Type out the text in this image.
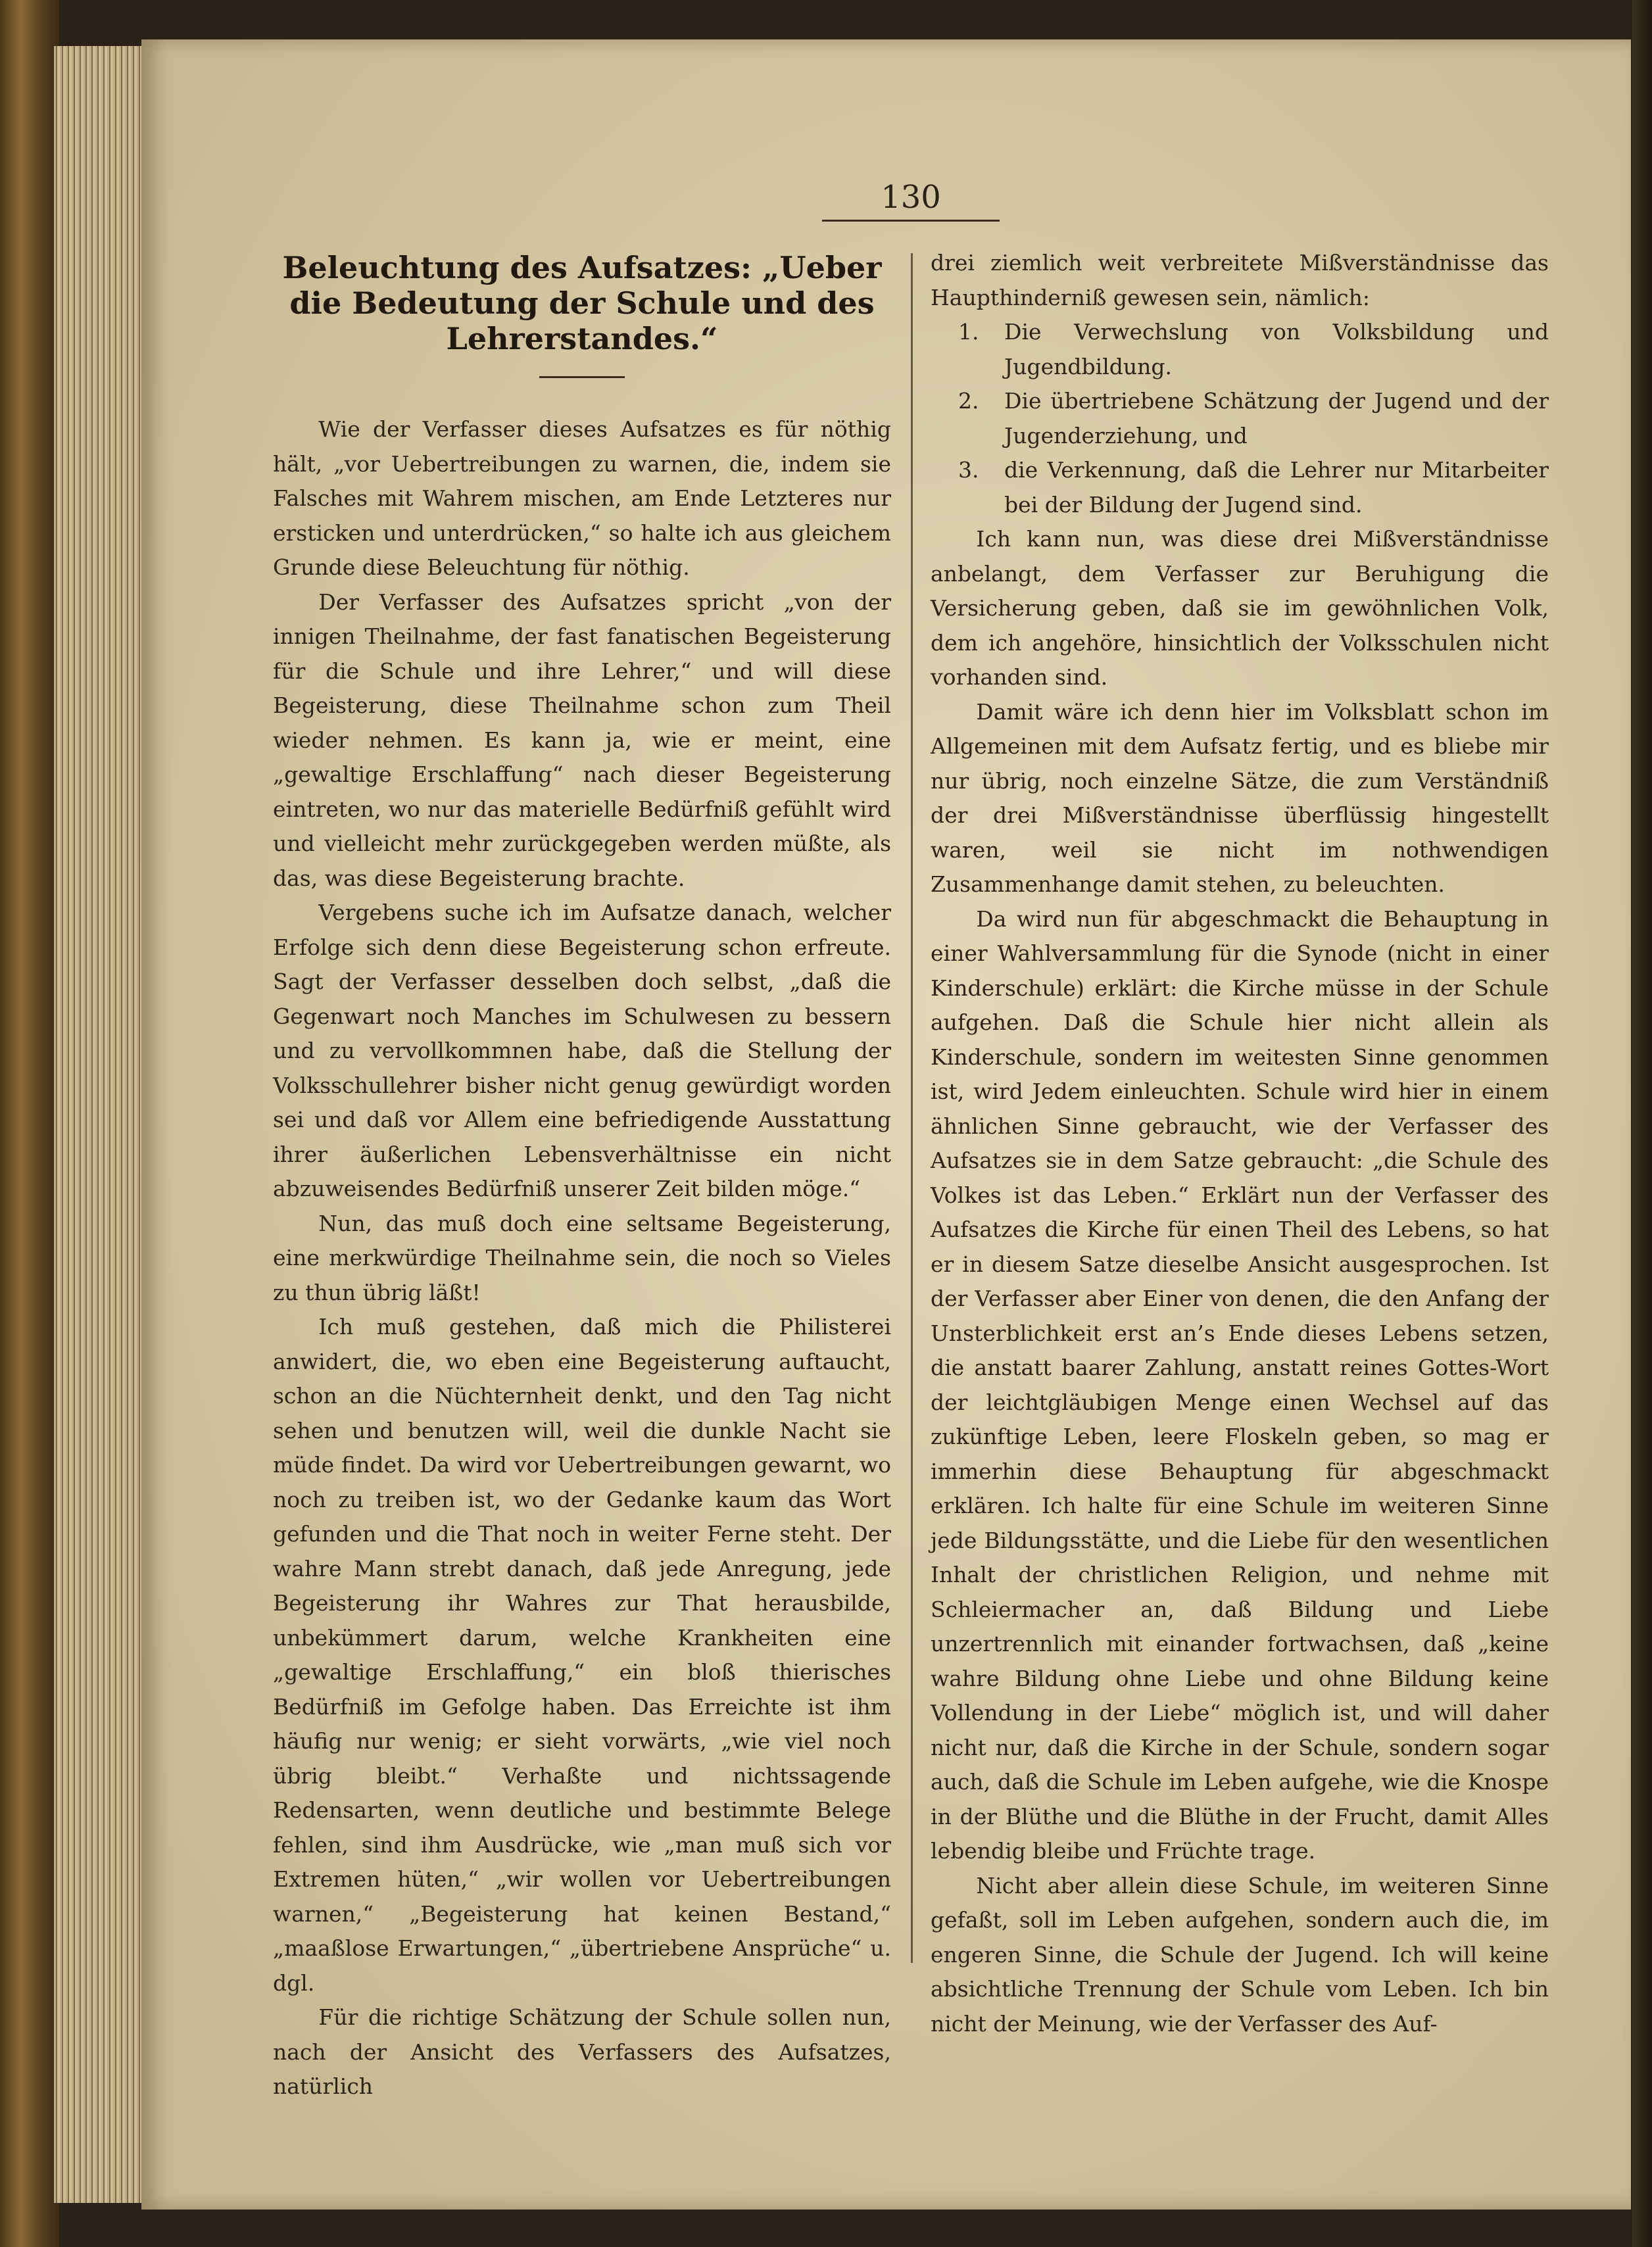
130
Beleuchtung des Aufsatzes: „Ueber die Bedeutung der Schule und des Lehrerstandes.“

Wie der Verfasser dieses Aufsatzes es für nöthig hält, „vor Uebertreibungen zu warnen, die, indem sie Falsches mit Wahrem mischen, am Ende Letzteres nur ersticken und unterdrücken,“ so halte ich aus gleichem Grunde diese Beleuchtung für nöthig.

Der Verfasser des Aufsatzes spricht „von der innigen Theilnahme, der fast fanatischen Begeisterung für die Schule und ihre Lehrer,“ und will diese Begeisterung, diese Theilnahme schon zum Theil wieder nehmen. Es kann ja, wie er meint, eine „gewaltige Erschlaffung“ nach dieser Begeisterung eintreten, wo nur das materielle Bedürfniß gefühlt wird und vielleicht mehr zurückgegeben werden müßte, als das, was diese Begeisterung brachte.

Vergebens suche ich im Aufsatze danach, welcher Erfolge sich denn diese Begeisterung schon erfreute. Sagt der Verfasser desselben doch selbst, „daß die Gegenwart noch Manches im Schulwesen zu bessern und zu vervollkommnen habe, daß die Stellung der Volksschullehrer bisher nicht genug gewürdigt worden sei und daß vor Allem eine befriedigende Ausstattung ihrer äußerlichen Lebensverhältnisse ein nicht abzuweisendes Bedürfniß unserer Zeit bilden möge.“

Nun, das muß doch eine seltsame Begeisterung, eine merkwürdige Theilnahme sein, die noch so Vieles zu thun übrig läßt!

Ich muß gestehen, daß mich die Philisterei anwidert, die, wo eben eine Begeisterung auftaucht, schon an die Nüchternheit denkt, und den Tag nicht sehen und benutzen will, weil die dunkle Nacht sie müde findet. Da wird vor Uebertreibungen gewarnt, wo noch zu treiben ist, wo der Gedanke kaum das Wort gefunden und die That noch in weiter Ferne steht. Der wahre Mann strebt danach, daß jede Anregung, jede Begeisterung ihr Wahres zur That herausbilde, unbekümmert darum, welche Krankheiten eine „gewaltige Erschlaffung,“ ein bloß thierisches Bedürfniß im Gefolge haben. Das Erreichte ist ihm häufig nur wenig; er sieht vorwärts, „wie viel noch übrig bleibt.“ Verhaßte und nichtssagende Redensarten, wenn deutliche und bestimmte Belege fehlen, sind ihm Ausdrücke, wie „man muß sich vor Extremen hüten,“ „wir wollen vor Uebertreibungen warnen,“ „Begeisterung hat keinen Bestand,“ „maaßlose Erwartungen,“ „übertriebene Ansprüche“ u. dgl.

Für die richtige Schätzung der Schule sollen nun, nach der Ansicht des Verfassers des Aufsatzes, natürlich

drei ziemlich weit verbreitete Mißverständnisse das Haupthinderniß gewesen sein, nämlich:

1.	Die Verwechslung von Volksbildung und Jugendbildung.
2.	Die übertriebene Schätzung der Jugend und der Jugenderziehung, und
3.	die Verkennung, daß die Lehrer nur Mitarbeiter bei der Bildung der Jugend sind.

Ich kann nun, was diese drei Mißverständnisse anbelangt, dem Verfasser zur Beruhigung die Versicherung geben, daß sie im gewöhnlichen Volk, dem ich angehöre, hinsichtlich der Volksschulen nicht vorhanden sind.

Damit wäre ich denn hier im Volksblatt schon im Allgemeinen mit dem Aufsatz fertig, und es bliebe mir nur übrig, noch einzelne Sätze, die zum Verständniß der drei Mißverständnisse überflüssig hingestellt waren, weil sie nicht im nothwendigen Zusammenhange damit stehen, zu beleuchten.

Da wird nun für abgeschmackt die Behauptung in einer Wahlversammlung für die Synode (nicht in einer Kinderschule) erklärt: die Kirche müsse in der Schule aufgehen. Daß die Schule hier nicht allein als Kinderschule, sondern im weitesten Sinne genommen ist, wird Jedem einleuchten. Schule wird hier in einem ähnlichen Sinne gebraucht, wie der Verfasser des Aufsatzes sie in dem Satze gebraucht: „die Schule des Volkes ist das Leben.“ Erklärt nun der Verfasser des Aufsatzes die Kirche für einen Theil des Lebens, so hat er in diesem Satze dieselbe Ansicht ausgesprochen. Ist der Verfasser aber Einer von denen, die den Anfang der Unsterblichkeit erst an’s Ende dieses Lebens setzen, die anstatt baarer Zahlung, anstatt reines Gottes-Wort der leichtgläubigen Menge einen Wechsel auf das zukünftige Leben, leere Floskeln geben, so mag er immerhin diese Behauptung für abgeschmackt erklären. Ich halte für eine Schule im weiteren Sinne jede Bildungsstätte, und die Liebe für den wesentlichen Inhalt der christlichen Religion, und nehme mit Schleiermacher an, daß Bildung und Liebe unzertrennlich mit einander fortwachsen, daß „keine wahre Bildung ohne Liebe und ohne Bildung keine Vollendung in der Liebe“ möglich ist, und will daher nicht nur, daß die Kirche in der Schule, sondern sogar auch, daß die Schule im Leben aufgehe, wie die Knospe in der Blüthe und die Blüthe in der Frucht, damit Alles lebendig bleibe und Früchte trage.

Nicht aber allein diese Schule, im weiteren Sinne gefaßt, soll im Leben aufgehen, sondern auch die, im engeren Sinne, die Schule der Jugend. Ich will keine absichtliche Trennung der Schule vom Leben. Ich bin nicht der Meinung, wie der Verfasser des Auf-
